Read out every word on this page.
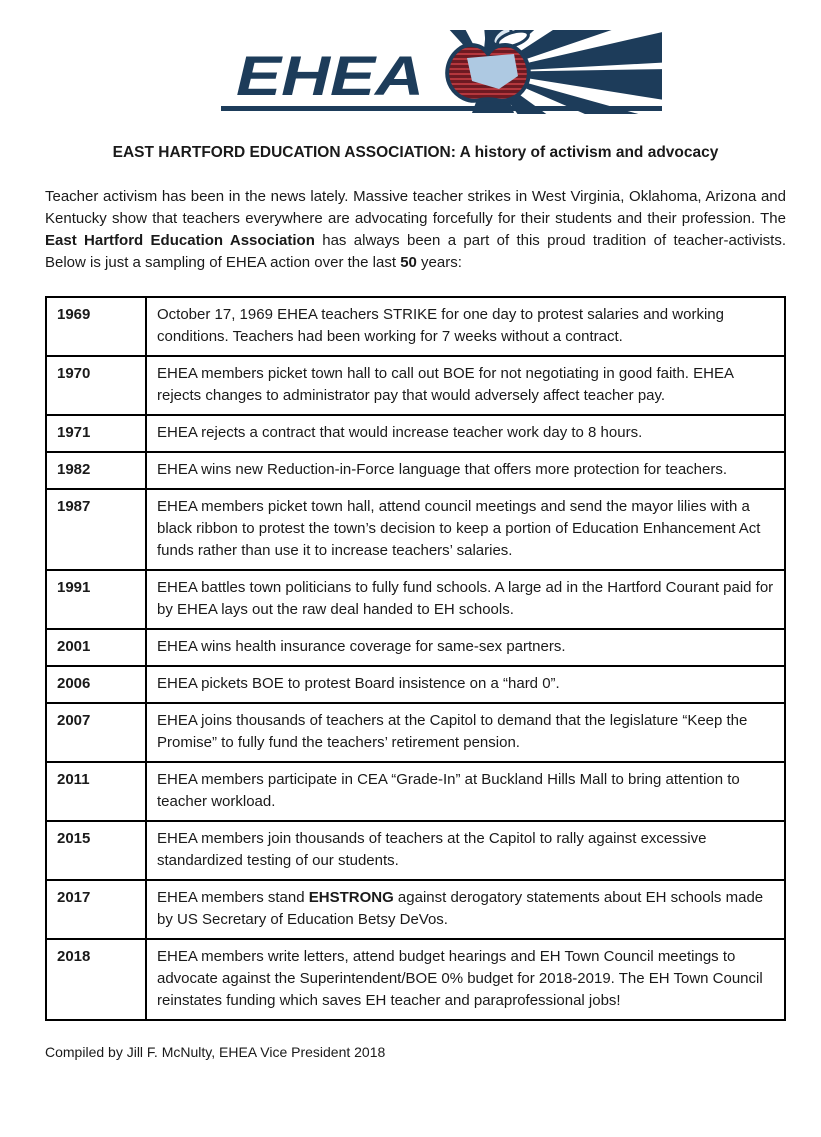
EHEA
EAST HARTFORD EDUCATION ASSOCIATION: A history of activism and advocacy

Teacher activism has been in the news lately. Massive teacher strikes in West Virginia, Oklahoma, Arizona and Kentucky show that teachers everywhere are advocating forcefully for their students and their profession. The East Hartford Education Association has always been a part of this proud tradition of teacher-activists. Below is just a sampling of EHEA action over the last 50 years:

1969	October 17, 1969 EHEA teachers STRIKE for one day to protest salaries and working conditions. Teachers had been working for 7 weeks without a contract.
1970	EHEA members picket town hall to call out BOE for not negotiating in good faith. EHEA rejects changes to administrator pay that would adversely affect teacher pay.
1971	EHEA rejects a contract that would increase teacher work day to 8 hours.
1982	EHEA wins new Reduction-in-Force language that offers more protection for teachers.
1987	EHEA members picket town hall, attend council meetings and send the mayor lilies with a black ribbon to protest the town’s decision to keep a portion of Education Enhancement Act funds rather than use it to increase teachers’ salaries.
1991	EHEA battles town politicians to fully fund schools. A large ad in the Hartford Courant paid for by EHEA lays out the raw deal handed to EH schools.
2001	EHEA wins health insurance coverage for same-sex partners.
2006	EHEA pickets BOE to protest Board insistence on a “hard 0”.
2007	EHEA joins thousands of teachers at the Capitol to demand that the legislature “Keep the Promise” to fully fund the teachers’ retirement pension.
2011	EHEA members participate in CEA “Grade-In” at Buckland Hills Mall to bring attention to teacher workload.
2015	EHEA members join thousands of teachers at the Capitol to rally against excessive standardized testing of our students.
2017	EHEA members stand EHSTRONG against derogatory statements about EH schools made by US Secretary of Education Betsy DeVos.
2018	EHEA members write letters, attend budget hearings and EH Town Council meetings to advocate against the Superintendent/BOE 0% budget for 2018-2019. The EH Town Council reinstates funding which saves EH teacher and paraprofessional jobs!
Compiled by Jill F. McNulty, EHEA Vice President 2018
